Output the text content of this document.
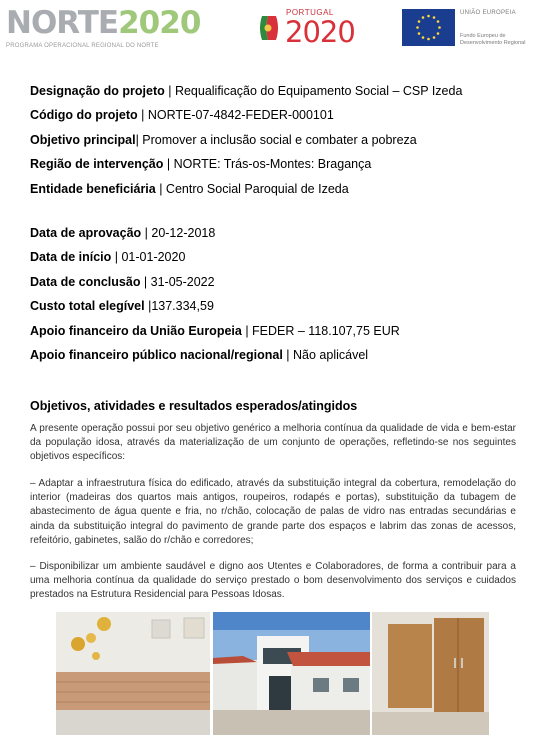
NORTE2020
PROGRAMA OPERACIONAL REGIONAL DO NORTE
PORTUGAL
2020
UNIÃO EUROPEIA
Fundo Europeu de Desenvolvimento Regional
Designação do projeto | Requalificação do Equipamento Social – CSP Izeda
Código do projeto | NORTE-07-4842-FEDER-000101
Objetivo principal| Promover a inclusão social e combater a pobreza
Região de intervenção | NORTE: Trás-os-Montes: Bragança
Entidade beneficiária | Centro Social Paroquial de Izeda
Data de aprovação | 20-12-2018
Data de início | 01-01-2020
Data de conclusão | 31-05-2022
Custo total elegível |137.334,59
Apoio financeiro da União Europeia | FEDER – 118.107,75 EUR
Apoio financeiro público nacional/regional | Não aplicável
Objetivos, atividades e resultados esperados/atingidos
A presente operação possui por seu objetivo genérico a melhoria contínua da qualidade de vida e bem-estar da população idosa, através da materialização de um conjunto de operações, refletindo-se nos seguintes objetivos específicos:
– Adaptar a infraestrutura física do edificado, através da substituição integral da cobertura, remodelação do interior (madeiras dos quartos mais antigos, roupeiros, rodapés e portas), substituição da tubagem de abastecimento de água quente e fria, no r/chão, colocação de palas de vidro nas entradas secundárias e ainda da substituição integral do pavimento de grande parte dos espaços e labrim das zonas de acessos, refeitório, gabinetes, salão do r/chão e corredores;
– Disponibilizar um ambiente saudável e digno aos Utentes e Colaboradores, de forma a contribuir para a uma melhoria contínua da qualidade do serviço prestado o bom desenvolvimento dos serviços e cuidados prestados na Estrutura Residencial para Pessoas Idosas.
